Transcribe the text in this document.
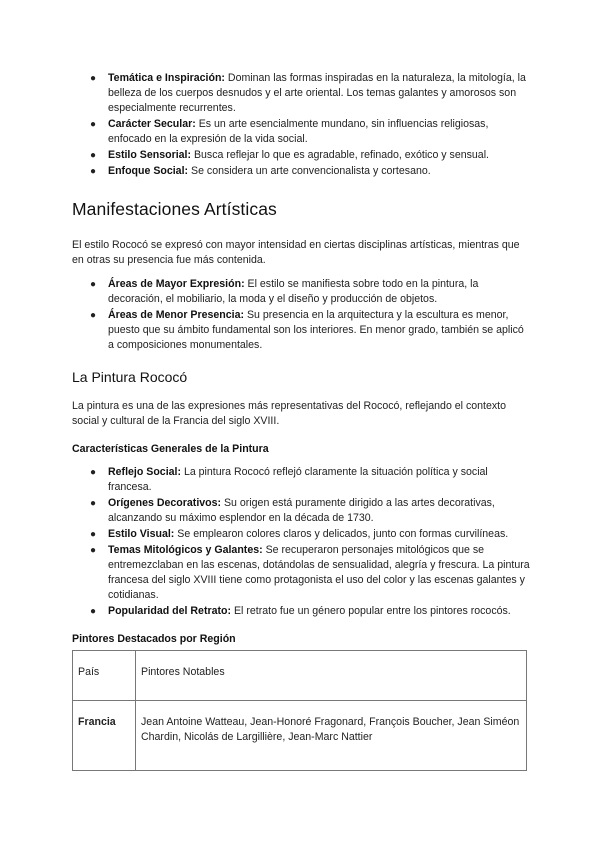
● Temática e Inspiración: Dominan las formas inspiradas en la naturaleza, la mitología, la belleza de los cuerpos desnudos y el arte oriental. Los temas galantes y amorosos son especialmente recurrentes.
● Carácter Secular: Es un arte esencialmente mundano, sin influencias religiosas, enfocado en la expresión de la vida social.
● Estilo Sensorial: Busca reflejar lo que es agradable, refinado, exótico y sensual.
● Enfoque Social: Se considera un arte convencionalista y cortesano.
Manifestaciones Artísticas

El estilo Rococó se expresó con mayor intensidad en ciertas disciplinas artísticas, mientras que en otras su presencia fue más contenida.

● Áreas de Mayor Expresión: El estilo se manifiesta sobre todo en la pintura, la decoración, el mobiliario, la moda y el diseño y producción de objetos.
● Áreas de Menor Presencia: Su presencia en la arquitectura y la escultura es menor, puesto que su ámbito fundamental son los interiores. En menor grado, también se aplicó a composiciones monumentales.
La Pintura Rococó

La pintura es una de las expresiones más representativas del Rococó, reflejando el contexto social y cultural de la Francia del siglo XVIII.

Características Generales de la Pintura
● Reflejo Social: La pintura Rococó reflejó claramente la situación política y social francesa.
● Orígenes Decorativos: Su origen está puramente dirigido a las artes decorativas, alcanzando su máximo esplendor en la década de 1730.
● Estilo Visual: Se emplearon colores claros y delicados, junto con formas curvilíneas.
● Temas Mitológicos y Galantes: Se recuperaron personajes mitológicos que se entremezclaban en las escenas, dotándolas de sensualidad, alegría y frescura. La pintura francesa del siglo XVIII tiene como protagonista el uso del color y las escenas galantes y cotidianas.
● Popularidad del Retrato: El retrato fue un género popular entre los pintores rococós.
Pintores Destacados por Región
País	Pintores Notables
Francia	Jean Antoine Watteau, Jean-Honoré Fragonard, François Boucher, Jean Siméon Chardin, Nicolás de Largillière, Jean-Marc Nattier
